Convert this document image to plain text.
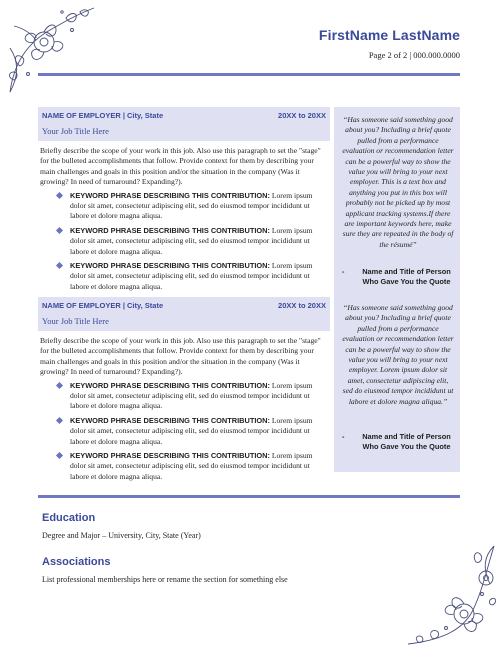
FirstName LastName
Page 2 of 2 | 000.000.0000
NAME OF EMPLOYER | City, State	20XX to 20XX
Your Job Title Here
Briefly describe the scope of your work in this job. Also use this paragraph to set the "stage" for the bulleted accomplishments that follow. Provide context for them by describing your main challenges and goals in this position and/or the situation in the company (Was it growing? In need of turnaround? Expanding?).
KEYWORD PHRASE DESCRIBING THIS CONTRIBUTION: Lorem ipsum dolor sit amet, consectetur adipiscing elit, sed do eiusmod tempor incididunt ut labore et dolore magna aliqua.
KEYWORD PHRASE DESCRIBING THIS CONTRIBUTION: Lorem ipsum dolor sit amet, consectetur adipiscing elit, sed do eiusmod tempor incididunt ut labore et dolore magna aliqua.
KEYWORD PHRASE DESCRIBING THIS CONTRIBUTION: Lorem ipsum dolor sit amet, consectetur adipiscing elit, sed do eiusmod tempor incididunt ut labore et dolore magna aliqua.
NAME OF EMPLOYER | City, State	20XX to 20XX
Your Job Title Here
Briefly describe the scope of your work in this job. Also use this paragraph to set the "stage" for the bulleted accomplishments that follow. Provide context for them by describing your main challenges and goals in this position and/or the situation in the company (Was it growing? In need of turnaround? Expanding?).
KEYWORD PHRASE DESCRIBING THIS CONTRIBUTION: Lorem ipsum dolor sit amet, consectetur adipiscing elit, sed do eiusmod tempor incididunt ut labore et dolore magna aliqua.
KEYWORD PHRASE DESCRIBING THIS CONTRIBUTION: Lorem ipsum dolor sit amet, consectetur adipiscing elit, sed do eiusmod tempor incididunt ut labore et dolore magna aliqua.
KEYWORD PHRASE DESCRIBING THIS CONTRIBUTION: Lorem ipsum dolor sit amet, consectetur adipiscing elit, sed do eiusmod tempor incididunt ut labore et dolore magna aliqua.
“Has someone said something good about you? Including a brief quote pulled from a performance evaluation or recommendation letter can be a powerful way to show the value you will bring to your next employer. This is a text box and anything you put in this box will probably not be picked up by most applicant tracking systems.If there are important keywords here, make sure they are repeated in the body of the résumé”
-	Name and Title of Person Who Gave You the Quote
“Has someone said something good about you? Including a brief quote pulled from a performance evaluation or recommendation letter can be a powerful way to show the value you will bring to your next employer. Lorem ipsum dolor sit amet, consectetur adipiscing elit, sed do eiusmod tempor incididunt ut labore et dolore magna aliqua.”
-	Name and Title of Person Who Gave You the Quote
Education
Degree and Major – University, City, State (Year)
Associations
List professional memberships here or rename the section for something else
